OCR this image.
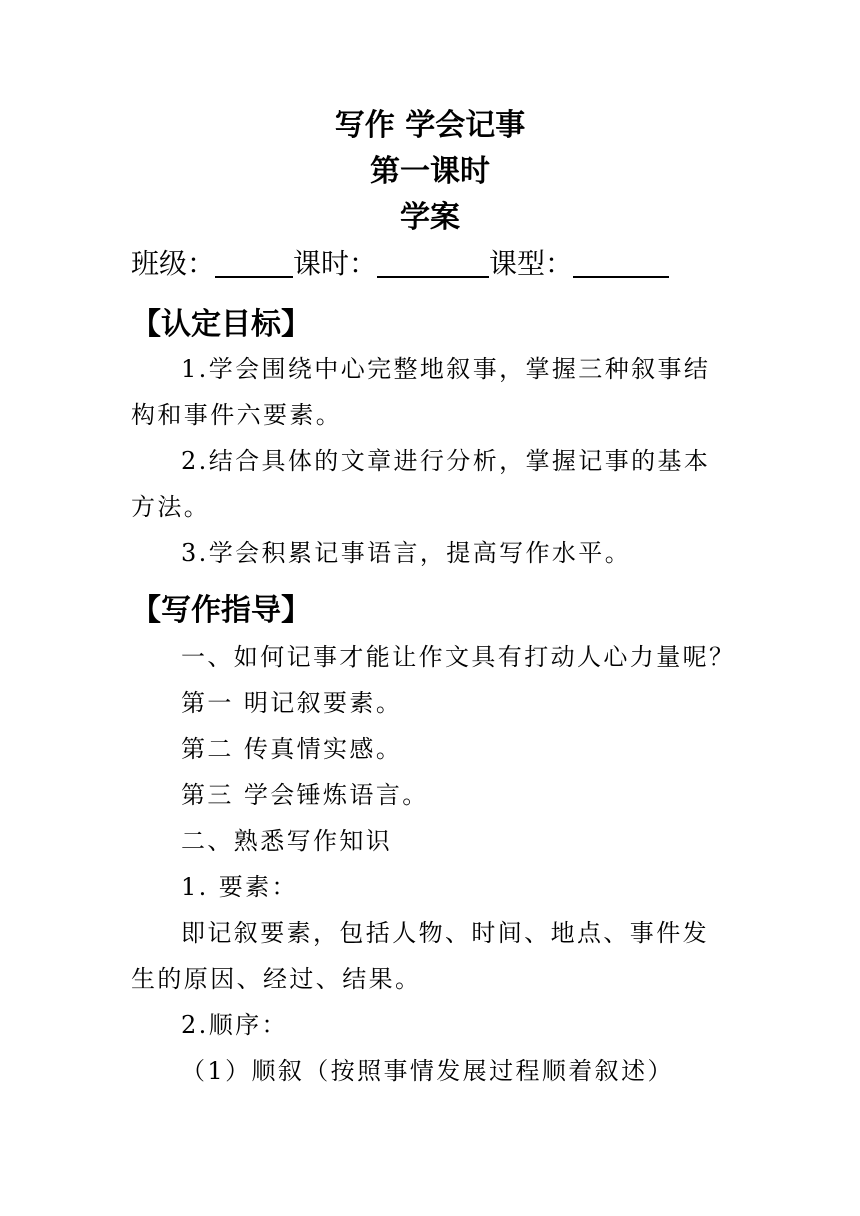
写作 学会记事
第一课时
学案
班级：	课时：	课型：
【认定目标】
1.学会围绕中心完整地叙事，掌握三种叙事结构和事件六要素。
2.结合具体的文章进行分析，掌握记事的基本方法。
3.学会积累记事语言，提高写作水平。
【写作指导】
一、如何记事才能让作文具有打动人心力量呢？
第一 明记叙要素。
第二 传真情实感。
第三 学会锤炼语言。
二、熟悉写作知识
1. 要素：
即记叙要素，包括人物、时间、地点、事件发生的原因、经过、结果。
2.顺序：
（1）顺叙（按照事情发展过程顺着叙述）
